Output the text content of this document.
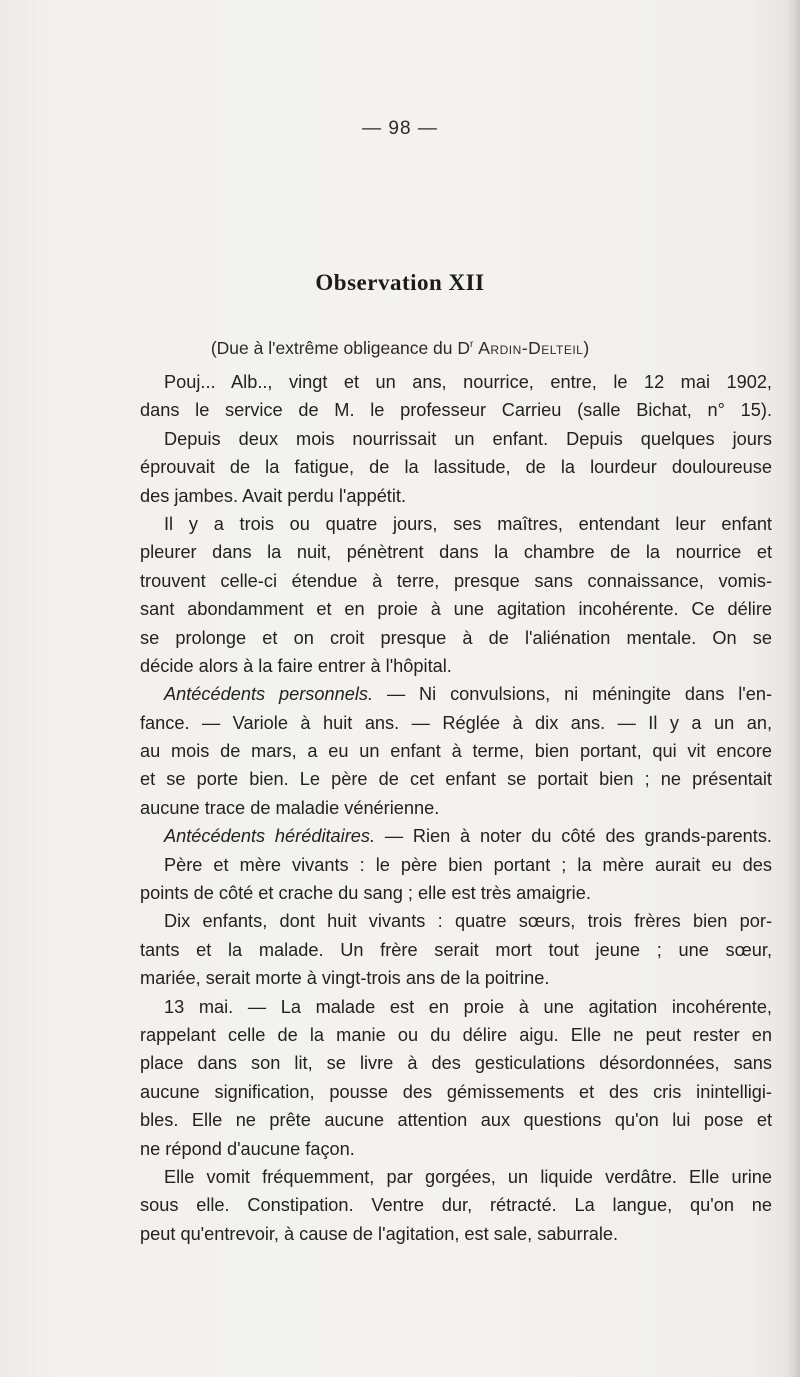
— 98 —
Observation XII
(Due à l'extrême obligeance du $D^r$ Ardin-Delteil)
Pouj... Alb.., vingt et un ans, nourrice, entre, le 12 mai 1902,
dans le service de M. le professeur Carrieu (salle Bichat, n° 15).
Depuis deux mois nourrissait un enfant. Depuis quelques jours
éprouvait de la fatigue, de la lassitude, de la lourdeur douloureuse
des jambes. Avait perdu l'appétit.
Il y a trois ou quatre jours, ses maîtres, entendant leur enfant
pleurer dans la nuit, pénètrent dans la chambre de la nourrice et
trouvent celle-ci étendue à terre, presque sans connaissance, vomis-
sant abondamment et en proie à une agitation incohérente. Ce délire
se prolonge et on croit presque à de l'aliénation mentale. On se
décide alors à la faire entrer à l'hôpital.
Antécédents personnels. — Ni convulsions, ni méningite dans l'en-
fance. — Variole à huit ans. — Réglée à dix ans. — Il y a un an,
au mois de mars, a eu un enfant à terme, bien portant, qui vit encore
et se porte bien. Le père de cet enfant se portait bien ; ne présentait
aucune trace de maladie vénérienne.
Antécédents héréditaires. — Rien à noter du côté des grands-parents.
Père et mère vivants : le père bien portant ; la mère aurait eu des
points de côté et crache du sang ; elle est très amaigrie.
Dix enfants, dont huit vivants : quatre sœurs, trois frères bien por-
tants et la malade. Un frère serait mort tout jeune ; une sœur,
mariée, serait morte à vingt-trois ans de la poitrine.
13 mai. — La malade est en proie à une agitation incohérente,
rappelant celle de la manie ou du délire aigu. Elle ne peut rester en
place dans son lit, se livre à des gesticulations désordonnées, sans
aucune signification, pousse des gémissements et des cris inintelligi-
bles. Elle ne prête aucune attention aux questions qu'on lui pose et
ne répond d'aucune façon.
Elle vomit fréquemment, par gorgées, un liquide verdâtre. Elle urine
sous elle. Constipation. Ventre dur, rétracté. La langue, qu'on ne
peut qu'entrevoir, à cause de l'agitation, est sale, saburrale.
